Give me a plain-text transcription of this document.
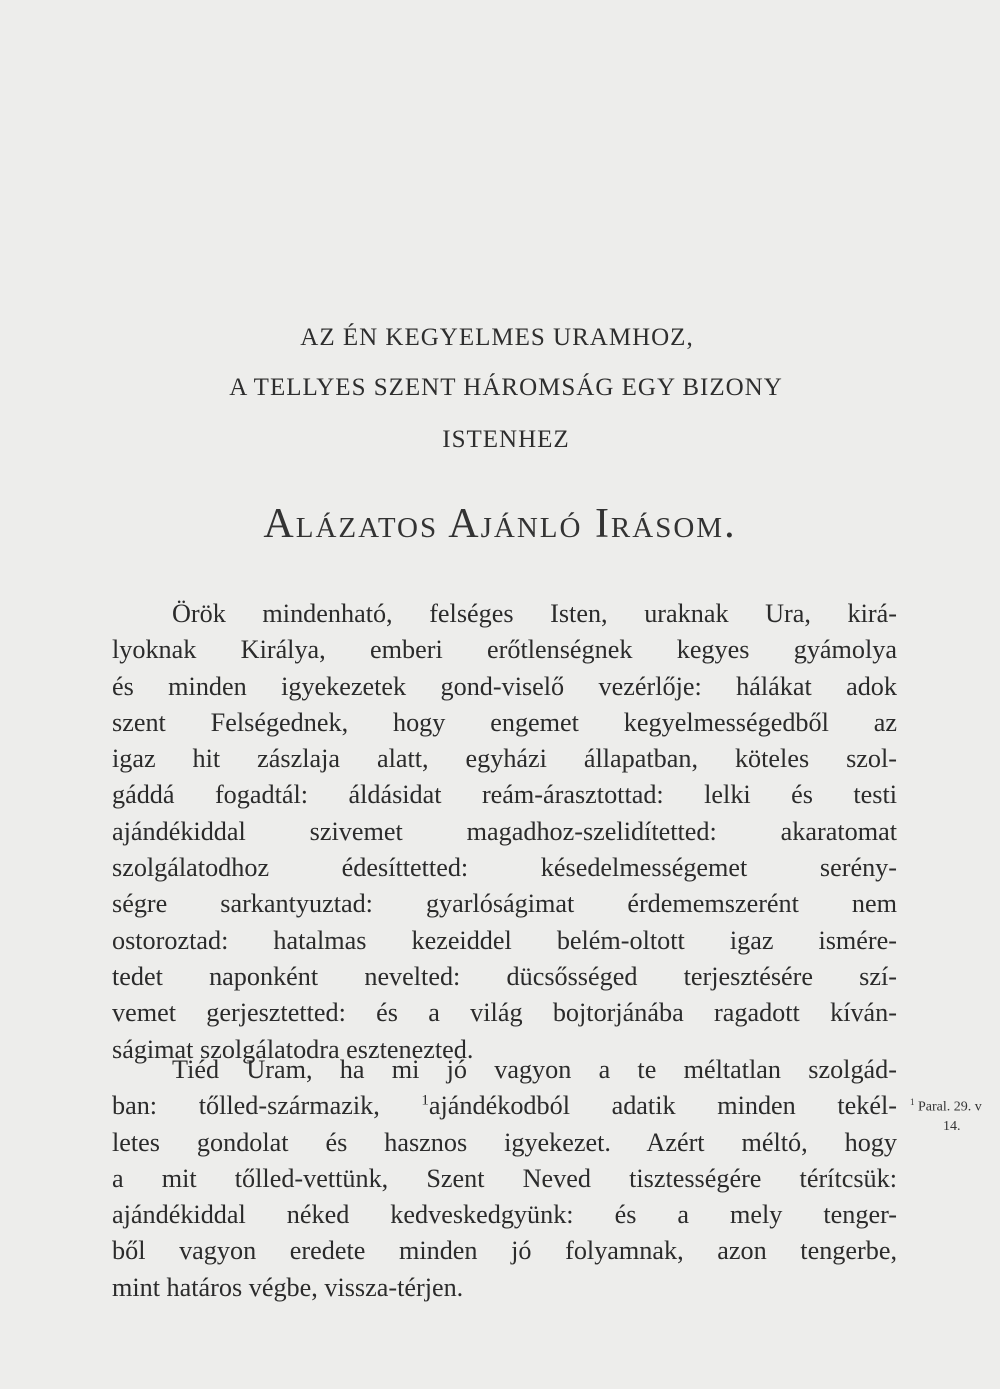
AZ ÉN KEGYELMES URAMHOZ,
A TELLYES SZENT HÁROMSÁG EGY BIZONY
ISTENHEZ
Alázatos Ajánló Irásom.
Örök mindenható, felséges Isten, uraknak Ura, kirá-
lyoknak Királya, emberi erőtlenségnek kegyes gyámolya
és minden igyekezetek gond-viselő vezérlője: hálákat adok
szent Felségednek, hogy engemet kegyelmességedből az
igaz hit zászlaja alatt, egyházi állapatban, köteles szol-
gáddá fogadtál: áldásidat reám-árasztottad: lelki és testi
ajándékiddal szivemet magadhoz-szelidítetted: akaratomat
szolgálatodhoz édesíttetted: késedelmességemet serény-
ségre sarkantyuztad: gyarlóságimat érdememszerént nem
ostoroztad: hatalmas kezeiddel belém-oltott igaz ismére-
tedet naponként nevelted: dücsősséged terjesztésére szí-
vemet gerjesztetted: és a világ bojtorjánába ragadott kíván-
ságimat szolgálatodra esztenezted.
Tiéd Uram, ha mi jó vagyon a te méltatlan szolgád-
ban: tőlled-származik, $^1$ajándékodból adatik minden tekél-
letes gondolat és hasznos igyekezet. Azért méltó, hogy
a mit tőlled-vettünk, Szent Neved tisztességére térítcsük:
ajándékiddal néked kedveskedgyünk: és a mely tenger-
ből vagyon eredete minden jó folyamnak, azon tengerbe,
mint határos végbe, vissza-térjen.
$^1$ Paral. 29. v
14.
